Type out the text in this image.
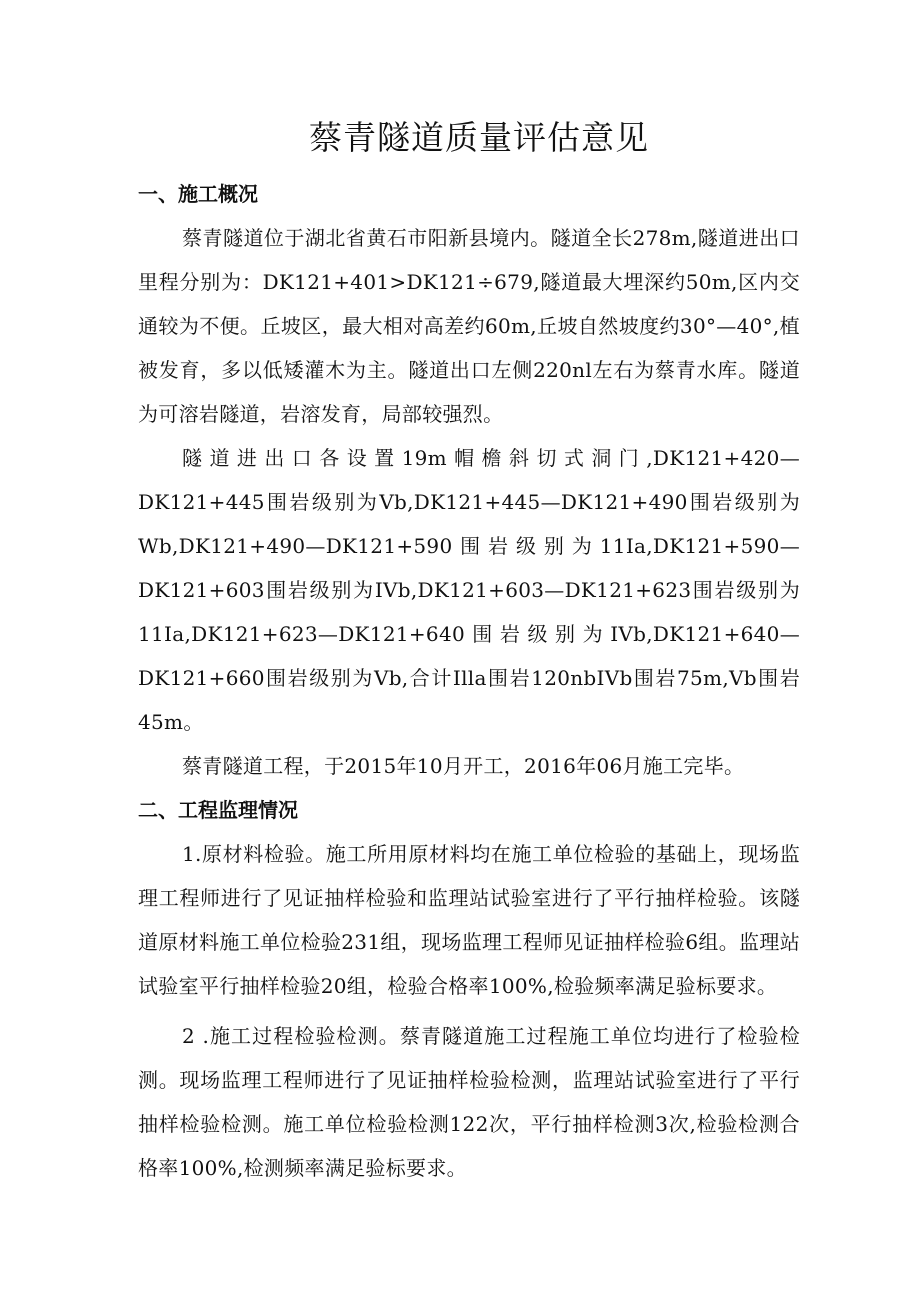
蔡青隧道质量评估意见
一、施工概况

蔡青隧道位于湖北省黄石市阳新县境内。隧道全长278m,隧道进出口里程分别为：DK121+401>DK121÷679,隧道最大埋深约50m,区内交通较为不便。丘坡区，最大相对高差约60m,丘坡自然坡度约30°—40°,植被发育，多以低矮灌木为主。隧道出口左侧220nl左右为蔡青水库。隧道为可溶岩隧道，岩溶发育，局部较强烈。

隧道进出口各设置19m帽檐斜切式洞门,DK121+420—DK121+445围岩级别为Vb,DK121+445—DK121+490围岩级别为Wb,DK121+490—DK121+590围岩级别为11Ia,DK121+590—DK121+603围岩级别为IVb,DK121+603—DK121+623围岩级别为11Ia,DK121+623—DK121+640围岩级别为IVb,DK121+640—DK121+660围岩级别为Vb,合计Illa围岩120nbIVb围岩75m,Vb围岩45m。

蔡青隧道工程，于2015年10月开工，2016年06月施工完毕。

二、工程监理情况

1.原材料检验。施工所用原材料均在施工单位检验的基础上，现场监理工程师进行了见证抽样检验和监理站试验室进行了平行抽样检验。该隧道原材料施工单位检验231组，现场监理工程师见证抽样检验6组。监理站试验室平行抽样检验20组，检验合格率100%,检验频率满足验标要求。

2 .施工过程检验检测。蔡青隧道施工过程施工单位均进行了检验检测。现场监理工程师进行了见证抽样检验检测，监理站试验室进行了平行抽样检验检测。施工单位检验检测122次，平行抽样检测3次,检验检测合格率100%,检测频率满足验标要求。
